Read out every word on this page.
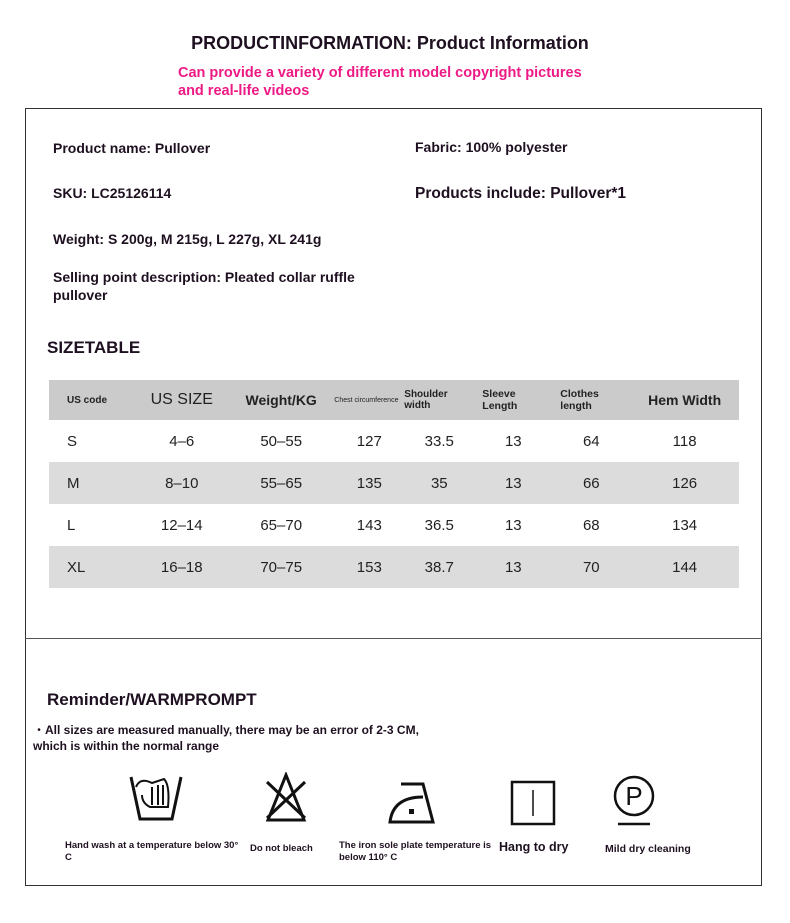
PRODUCTINFORMATION: Product Information
Can provide a variety of different model copyright pictures and real-life videos
Product name: Pullover
SKU: LC25126114
Weight: S 200g, M 215g, L 227g, XL 241g
Selling point description: Pleated collar ruffle pullover
Fabric: 100% polyester
Products include: Pullover*1
SIZETABLE
US code	US SIZE	Weight/KG	Chest circumference	Shoulder width	Sleeve Length	Clothes length	Hem Width
S	4–6	50–55	127	33.5	13	64	118
M	8–10	55–65	135	35	13	66	126
L	12–14	65–70	143	36.5	13	68	134
XL	16–18	70–75	153	38.7	13	70	144
Reminder/WARMPROMPT
・All sizes are measured manually, there may be an error of 2-3 CM, which is within the normal range
P
Hand wash at a temperature below 30° C
Do not bleach	The iron sole plate temperature is below 110° C
Hang to dry	Mild dry cleaning
